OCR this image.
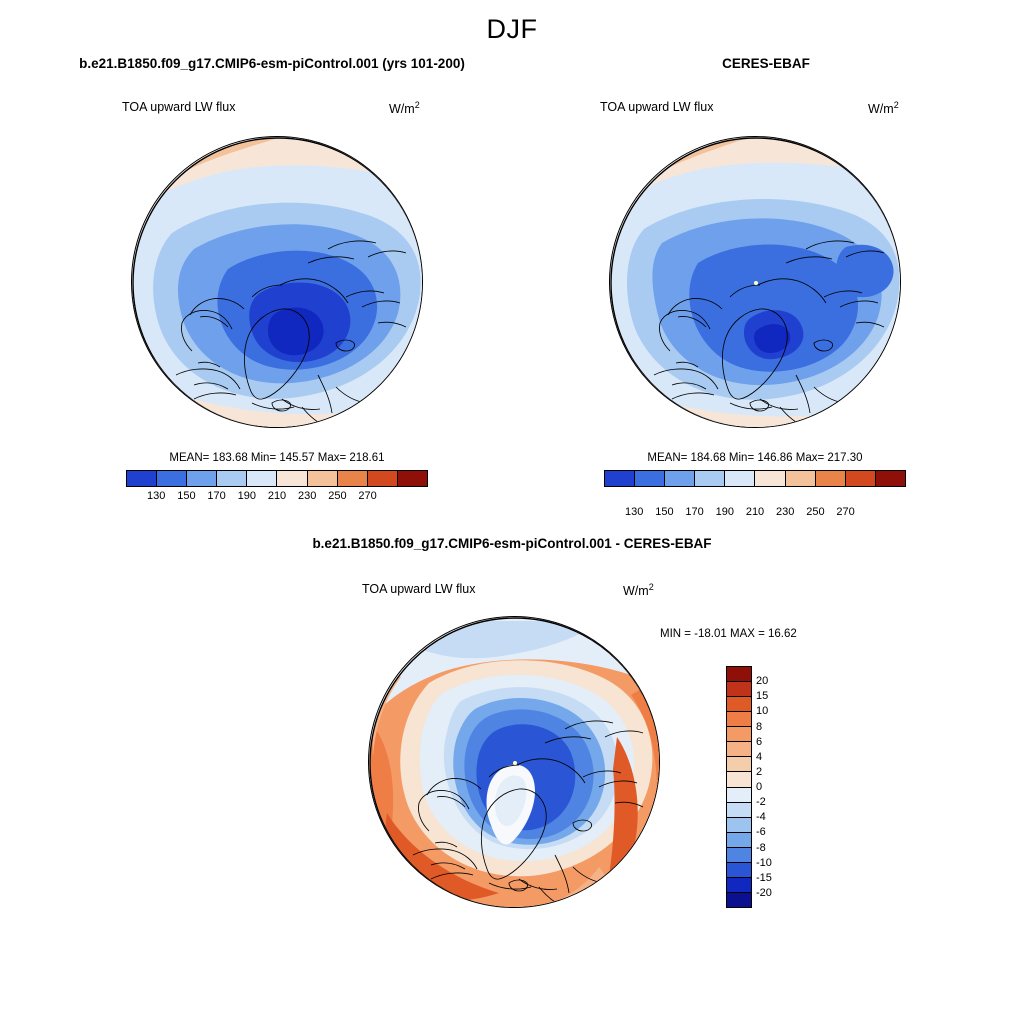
DJF
b.e21.B1850.f09_g17.CMIP6-esm-piControl.001 (yrs 101-200)
TOA upward LW flux	$W/m^2$
MEAN= 183.68 Min= 145.57 Max= 218.61
130 150 170 190 210 230 250 270
CERES-EBAF
TOA upward LW flux	$W/m^2$
MEAN= 184.68 Min= 146.86 Max= 217.30
130 150 170 190 210 230 250 270
b.e21.B1850.f09_g17.CMIP6-esm-piControl.001 - CERES-EBAF
TOA upward LW flux	$W/m^2$
MIN = -18.01 MAX = 16.62
20
15
10
8
6
4
2
0
-2
-4
-6
-8
-10
-15
-20
